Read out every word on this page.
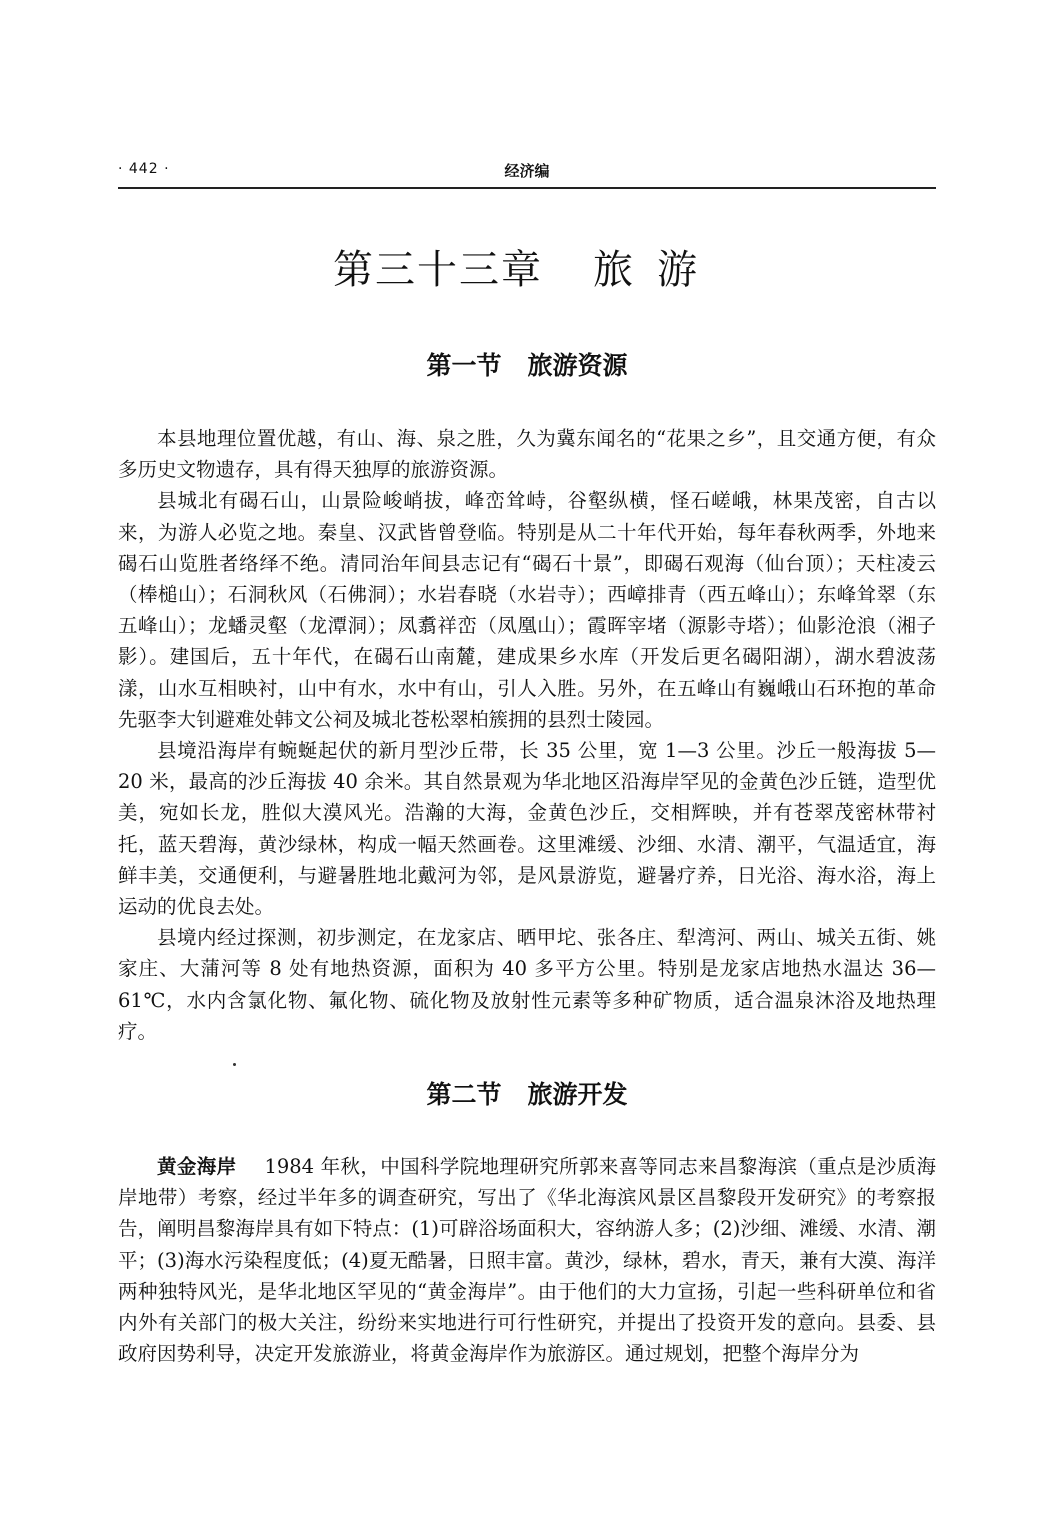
· 442 ·	经济编
第三十三章 旅游
第一节 旅游资源

本县地理位置优越，有山、海、泉之胜，久为冀东闻名的“花果之乡”，且交通方便，有众多历史文物遗存，具有得天独厚的旅游资源。

县城北有碣石山，山景险峻峭拔，峰峦耸峙，谷壑纵横，怪石嵯峨，林果茂密，自古以来，为游人必览之地。秦皇、汉武皆曾登临。特别是从二十年代开始，每年春秋两季，外地来碣石山览胜者络绎不绝。清同治年间县志记有“碣石十景”，即碣石观海（仙台顶）；天柱凌云（棒槌山）；石洞秋风（石佛洞）；水岩春晓（水岩寺）；西嶂排青（西五峰山）；东峰耸翠（东五峰山）；龙蟠灵壑（龙潭洞）；凤翥祥峦（凤凰山）；霞晖宰堵（源影寺塔）；仙影沧浪（湘子影）。建国后，五十年代，在碣石山南麓，建成果乡水库（开发后更名碣阳湖），湖水碧波荡漾，山水互相映衬，山中有水，水中有山，引人入胜。另外，在五峰山有巍峨山石环抱的革命先驱李大钊避难处韩文公祠及城北苍松翠柏簇拥的县烈士陵园。

县境沿海岸有蜿蜒起伏的新月型沙丘带，长 35 公里，宽 1—3 公里。沙丘一般海拔 5—20 米，最高的沙丘海拔 40 余米。其自然景观为华北地区沿海岸罕见的金黄色沙丘链，造型优美，宛如长龙，胜似大漠风光。浩瀚的大海，金黄色沙丘，交相辉映，并有苍翠茂密林带衬托，蓝天碧海，黄沙绿林，构成一幅天然画卷。这里滩缓、沙细、水清、潮平，气温适宜，海鲜丰美，交通便利，与避暑胜地北戴河为邻，是风景游览，避暑疗养，日光浴、海水浴，海上运动的优良去处。

县境内经过探测，初步测定，在龙家店、晒甲坨、张各庄、犁湾河、两山、城关五街、姚家庄、大蒲河等 8 处有地热资源，面积为 40 多平方公里。特别是龙家店地热水温达 36—61℃，水内含氯化物、氟化物、硫化物及放射性元素等多种矿物质，适合温泉沐浴及地热理疗。

第二节 旅游开发

黄金海岸 1984 年秋，中国科学院地理研究所郭来喜等同志来昌黎海滨（重点是沙质海岸地带）考察，经过半年多的调查研究，写出了《华北海滨风景区昌黎段开发研究》的考察报告，阐明昌黎海岸具有如下特点：(1)可辟浴场面积大，容纳游人多；(2)沙细、滩缓、水清、潮平；(3)海水污染程度低；(4)夏无酷暑，日照丰富。黄沙，绿林，碧水，青天，兼有大漠、海洋两种独特风光，是华北地区罕见的“黄金海岸”。由于他们的大力宣扬，引起一些科研单位和省内外有关部门的极大关注，纷纷来实地进行可行性研究，并提出了投资开发的意向。县委、县政府因势利导，决定开发旅游业，将黄金海岸作为旅游区。通过规划，把整个海岸分为
